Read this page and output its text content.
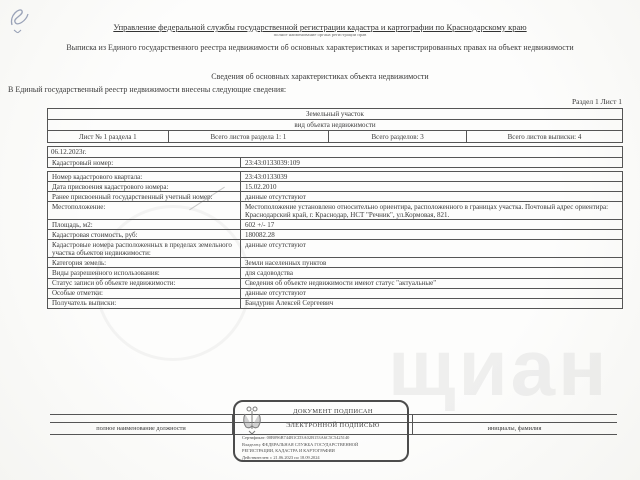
щиан
Управление федеральной службы государственной регистрации кадастра и картографии по Краснодарскому краю
полное наименование органа регистрации прав
Выписка из Единого государственного реестра недвижимости об основных характеристиках и зарегистрированных правах на объект недвижимости
Сведения об основных характеристиках объекта недвижимости
В Единый государственный реестр недвижимости внесены следующие сведения:
Раздел 1 Лист 1
Земельный участок
вид объекта недвижимости
Лист № 1 раздела 1	Всего листов раздела 1: 1	Всего разделов: 3	Всего листов выписки: 4
06.12.2023г.
Кадастровый номер:	23:43:0133039:109
Номер кадастрового квартала:	23:43:0133039
Дата присвоения кадастрового номера:	15.02.2010
Ранее присвоенный государственный учетный номер:	данные отсутствуют
Местоположение:	Местоположение установлено относительно ориентира, расположенного в границах участка. Почтовый адрес ориентира: Краснодарский край, г. Краснодар, НСТ "Речник", ул.Кормовая, 821.
Площадь, м2:	602 +/- 17
Кадастровая стоимость, руб:	180082.28
Кадастровые номера расположенных в пределах земельного участка объектов недвижимости:
данные отсутствуют
Категория земель:	Земли населенных пунктов
Виды разрешенного использования:	для садоводства
Статус записи об объекте недвижимости:	Сведения об объекте недвижимости имеют статус "актуальные"
Особые отметки:	данные отсутствуют
Получатель выписки:	Бандурин Алексей Сергеевич
полное наименование должности	инициалы, фамилия
ДОКУМЕНТ ПОДПИСАН
ЭЛЕКТРОННОЙ ПОДПИСЬЮ
Сертификат: 00B096B744B1CD3A02B153A6C5C5425140
Владелец: ФЕДЕРАЛЬНАЯ СЛУЖБА ГОСУДАРСТВЕННОЙ
РЕГИСТРАЦИИ, КАДАСТРА И КАРТОГРАФИИ
Действителен: с 21.06.2023 по 18.09.2024
